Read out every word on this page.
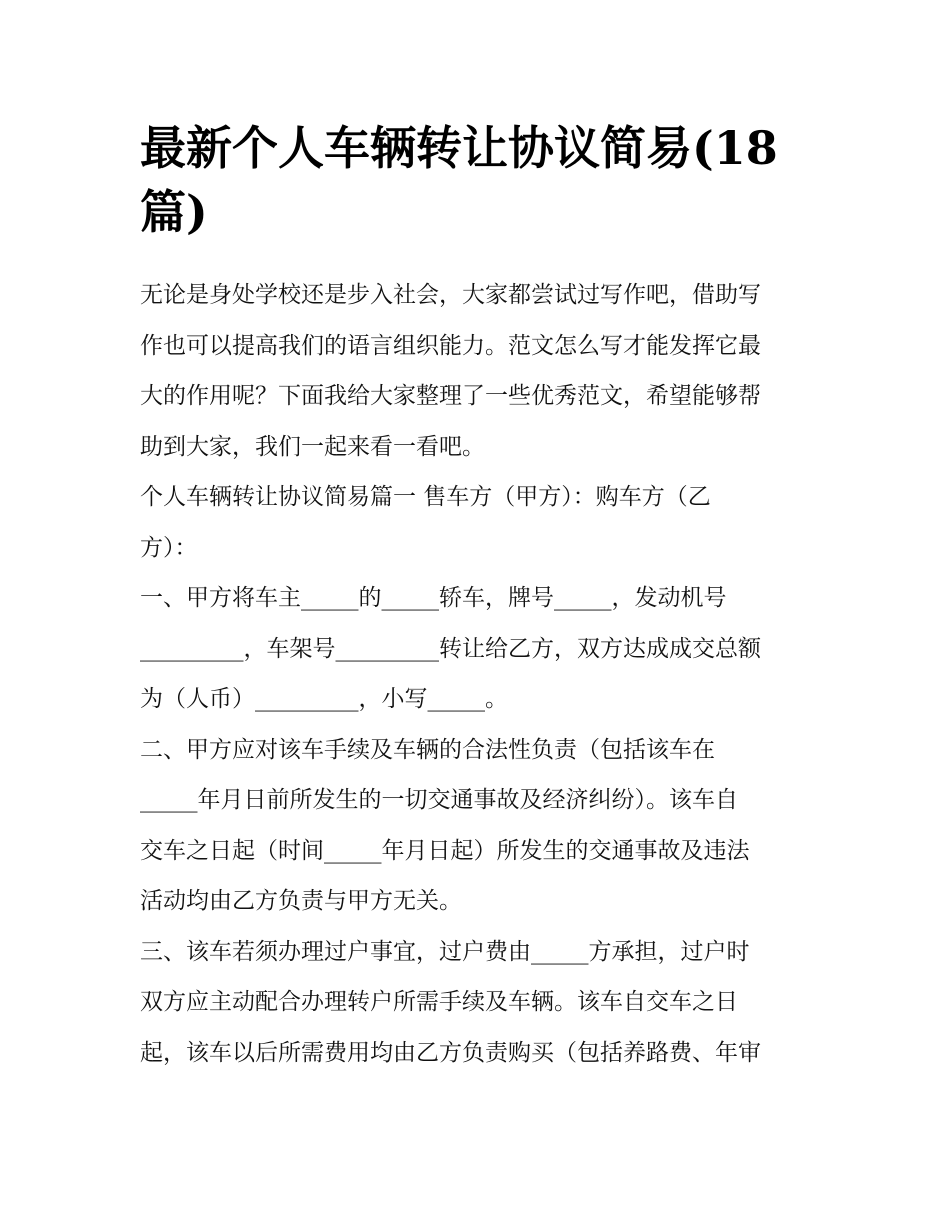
最新个人车辆转让协议简易(18
篇)

无论是身处学校还是步入社会，大家都尝试过写作吧，借助写
作也可以提高我们的语言组织能力。范文怎么写才能发挥它最
大的作用呢？下面我给大家整理了一些优秀范文，希望能够帮
助到大家，我们一起来看一看吧。

个人车辆转让协议简易篇一 售车方（甲方）：购车方（乙
方）：

一、甲方将车主_____的_____轿车，牌号_____，发动机号
_________，车架号_________转让给乙方，双方达成成交总额
为（人币）_________，小写_____。

二、甲方应对该车手续及车辆的合法性负责（包括该车在
_____年月日前所发生的一切交通事故及经济纠纷）。该车自
交车之日起（时间_____年月日起）所发生的交通事故及违法
活动均由乙方负责与甲方无关。

三、该车若须办理过户事宜，过户费由_____方承担，过户时
双方应主动配合办理转户所需手续及车辆。该车自交车之日
起，该车以后所需费用均由乙方负责购买（包括养路费、年审
